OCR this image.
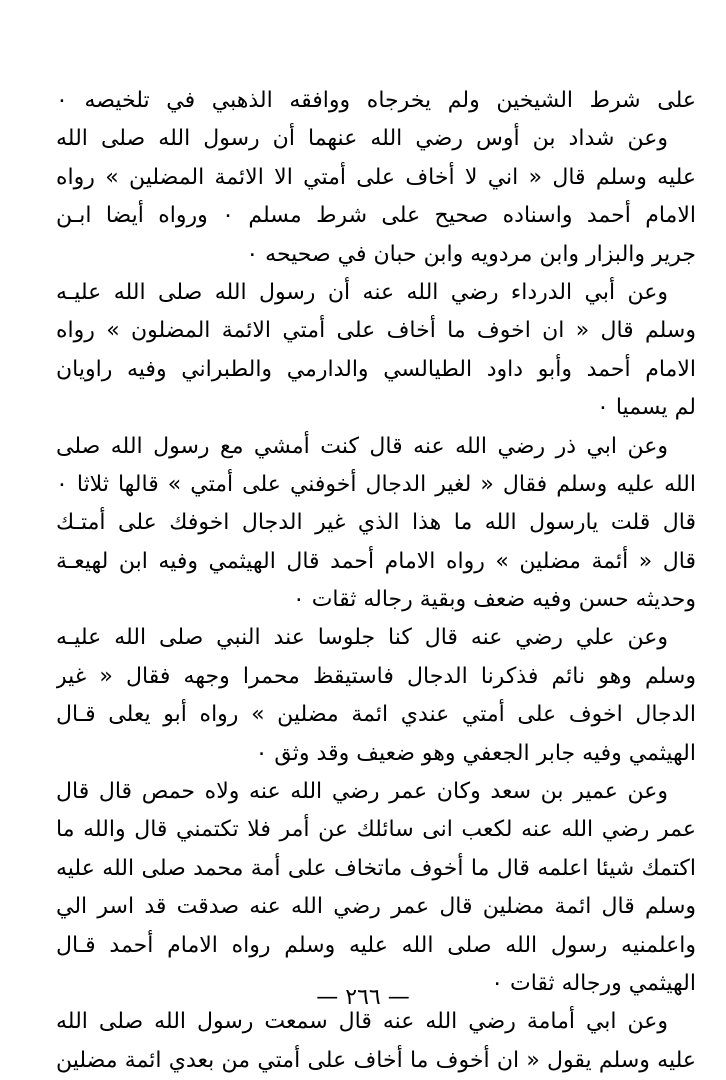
على شرط الشيخين ولم يخرجاه ووافقه الذهبي في تلخيصه ٠
وعن شداد بن أوس رضي الله عنهما أن رسول الله صلى الله
عليه وسلم قال « اني لا أخاف على أمتي الا الائمة المضلين » رواه
الامام أحمد واسناده صحيح على شرط مسلم ٠ ورواه أيضا ابـن
جرير والبزار وابن مردويه وابن حبان في صحيحه ٠
وعن أبي الدرداء رضي الله عنه أن رسول الله صلى الله عليـه
وسلم قال « ان اخوف ما أخاف على أمتي الائمة المضلون » رواه
الامام أحمد وأبو داود الطيالسي والدارمي والطبراني وفيه راويان
لم يسميا ٠
وعن ابي ذر رضي الله عنه قال كنت أمشي مع رسول الله صلى
الله عليه وسلم فقال « لغير الدجال أخوفني على أمتي » قالها ثلاثا ٠
قال قلت يارسول الله ما هذا الذي غير الدجال اخوفك على أمتـك
قال « أئمة مضلين » رواه الامام أحمد قال الهيثمي وفيه ابن لهيعـة
وحديثه حسن وفيه ضعف وبقية رجاله ثقات ٠
وعن علي رضي عنه قال كنا جلوسا عند النبي صلى الله عليـه
وسلم وهو نائم فذكرنا الدجال فاستيقظ محمرا وجهه فقال « غير
الدجال اخوف على أمتي عندي ائمة مضلين » رواه أبو يعلى قـال
الهيثمي وفيه جابر الجعفي وهو ضعيف وقد وثق ٠
وعن عمير بن سعد وكان عمر رضي الله عنه ولاه حمص قال قال
عمر رضي الله عنه لكعب انى سائلك عن أمر فلا تكتمني قال والله ما
اكتمك شيئا اعلمه قال ما أخوف ماتخاف على أمة محمد صلى الله عليه
وسلم قال ائمة مضلين قال عمر رضي الله عنه صدقت قد اسر الي
واعلمنيه رسول الله صلى الله عليه وسلم رواه الامام أحمد قـال
الهيثمي ورجاله ثقات ٠
وعن ابي أمامة رضي الله عنه قال سمعت رسول الله صلى الله
عليه وسلم يقول « ان أخوف ما أخاف على أمتي من بعدي ائمة مضلين
— ٢٦٦ —
